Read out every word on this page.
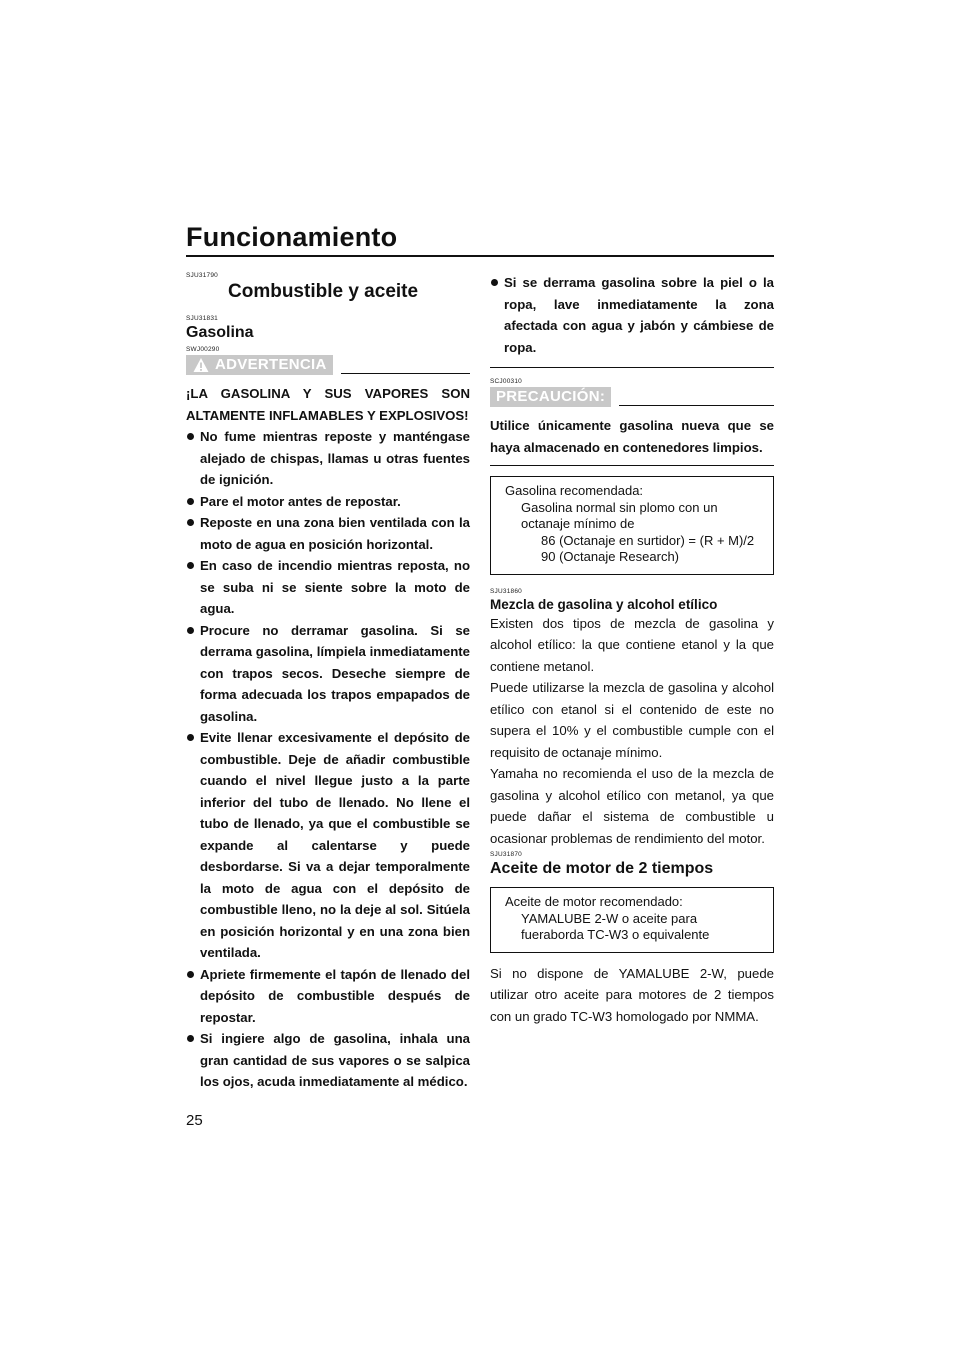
Funcionamiento
SJU31790
Combustible y aceite
SJU31831
Gasolina
SWJ00290
ADVERTENCIA

¡LA GASOLINA Y SUS VAPORES SON ALTAMENTE INFLAMABLES Y EXPLOSIVOS!

No fume mientras reposte y manténgase alejado de chispas, llamas u otras fuentes de ignición.
Pare el motor antes de repostar.
Reposte en una zona bien ventilada con la moto de agua en posición horizontal.
En caso de incendio mientras reposta, no se suba ni se siente sobre la moto de agua.
Procure no derramar gasolina. Si se derrama gasolina, límpiela inmediatamente con trapos secos. Deseche siempre de forma adecuada los trapos empapados de gasolina.
Evite llenar excesivamente el depósito de combustible. Deje de añadir combustible cuando el nivel llegue justo a la parte inferior del tubo de llenado. No llene el tubo de llenado, ya que el combustible se expande al calentarse y puede desbordarse. Si va a dejar temporalmente la moto de agua con el depósito de combustible lleno, no la deje al sol. Sitúela en posición horizontal y en una zona bien ventilada.
Apriete firmemente el tapón de llenado del depósito de combustible después de repostar.
Si ingiere algo de gasolina, inhala una gran cantidad de sus vapores o se salpica los ojos, acuda inmediatamente al médico.
Si se derrama gasolina sobre la piel o la ropa, lave inmediatamente la zona afectada con agua y jabón y cámbiese de ropa.
SCJ00310
PRECAUCIÓN:

Utilice únicamente gasolina nueva que se haya almacenado en contenedores limpios.

Gasolina recomendada:
Gasolina normal sin plomo con un octanaje mínimo de
86 (Octanaje en surtidor) = (R + M)/2
90 (Octanaje Research)
SJU31860
Mezcla de gasolina y alcohol etílico

Existen dos tipos de mezcla de gasolina y alcohol etílico: la que contiene etanol y la que contiene metanol.

Puede utilizarse la mezcla de gasolina y alcohol etílico con etanol si el contenido de este no supera el 10% y el combustible cumple con el requisito de octanaje mínimo.

Yamaha no recomienda el uso de la mezcla de gasolina y alcohol etílico con metanol, ya que puede dañar el sistema de combustible u ocasionar problemas de rendimiento del motor.

SJU31870
Aceite de motor de 2 tiempos
Aceite de motor recomendado:
YAMALUBE 2-W o aceite para fueraborda TC-W3 o equivalente

Si no dispone de YAMALUBE 2-W, puede utilizar otro aceite para motores de 2 tiempos con un grado TC-W3 homologado por NMMA.

25
